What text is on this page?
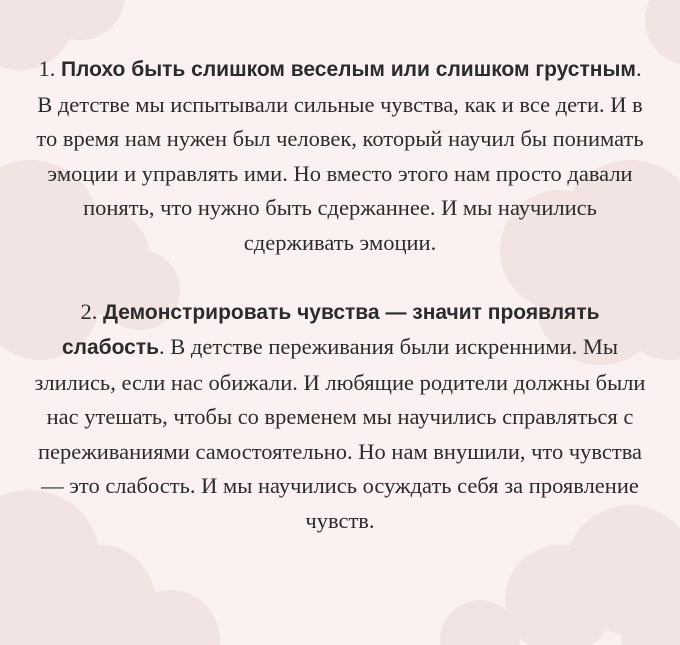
1. Плохо быть слишком веселым или слишком грустным. В детстве мы испытывали сильные чувства, как и все дети. И в то время нам нужен был человек, который научил бы понимать эмоции и управлять ими. Но вместо этого нам просто давали понять, что нужно быть сдержаннее. И мы научились сдерживать эмоции.

2. Демонстрировать чувства — значит проявлять слабость. В детстве переживания были искренними. Мы злились, если нас обижали. И любящие родители должны были нас утешать, чтобы со временем мы научились справляться с переживаниями самостоятельно. Но нам внушили, что чувства — это слабость. И мы научились осуждать себя за проявление чувств.
